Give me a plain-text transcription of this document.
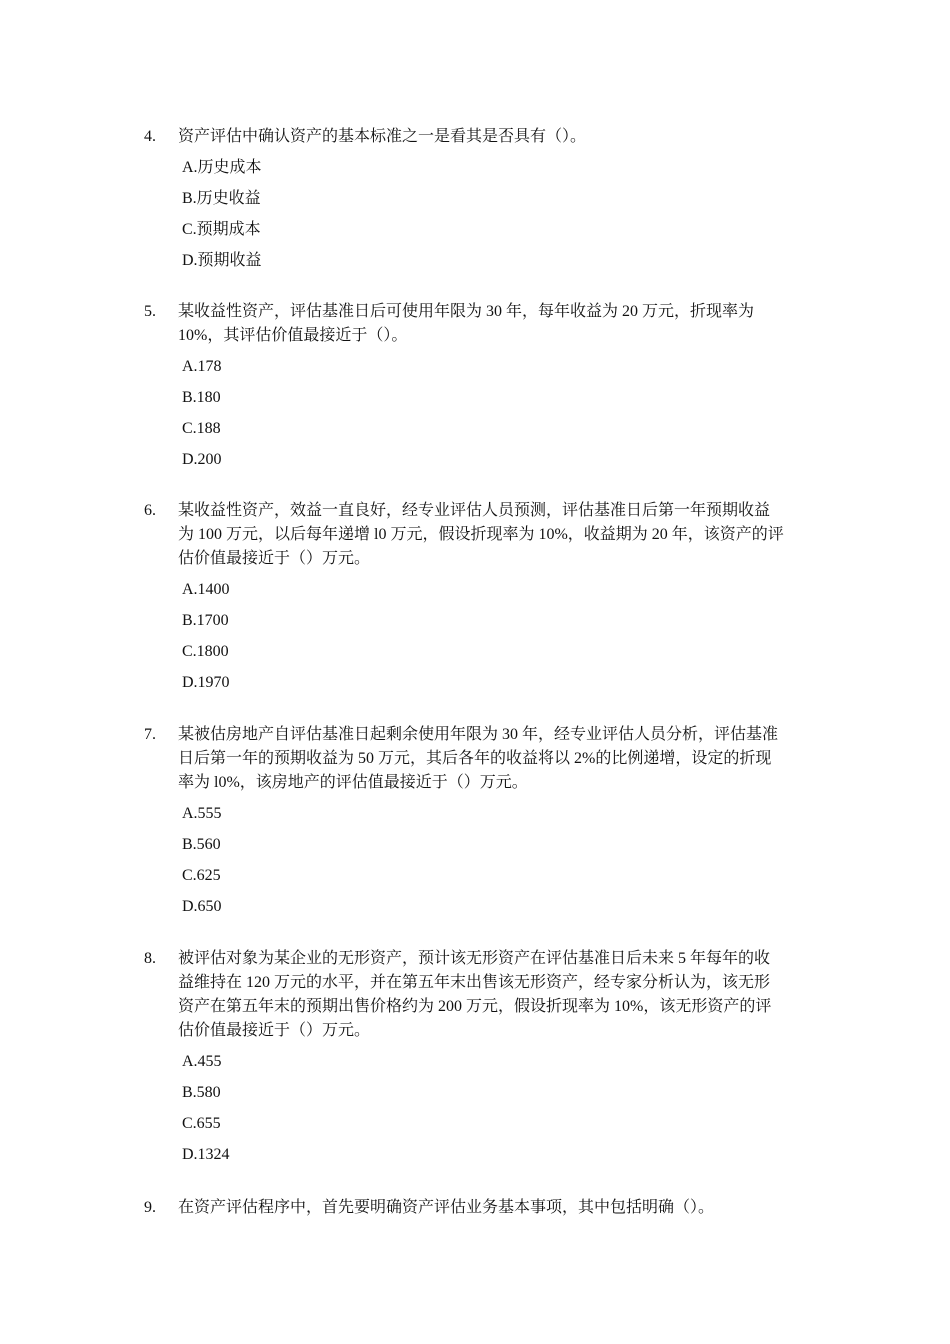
4.	资产评估中确认资产的基本标准之一是看其是否具有（）。
A.历史成本
B.历史收益
C.预期成本
D.预期收益
5.	某收益性资产，评估基准日后可使用年限为 30 年，每年收益为 20 万元，折现率为
10%，其评估价值最接近于（）。
A.178
B.180
C.188
D.200
6.	某收益性资产，效益一直良好，经专业评估人员预测，评估基准日后第一年预期收益
为 100 万元，以后每年递增 l0 万元，假设折现率为 10%，收益期为 20 年，该资产的评
估价值最接近于（）万元。
A.1400
B.1700
C.1800
D.1970
7.	某被估房地产自评估基准日起剩余使用年限为 30 年，经专业评估人员分析，评估基准
日后第一年的预期收益为 50 万元，其后各年的收益将以 2%的比例递增，设定的折现
率为 l0%，该房地产的评估值最接近于（）万元。
A.555
B.560
C.625
D.650
8.	被评估对象为某企业的无形资产，预计该无形资产在评估基准日后未来 5 年每年的收
益维持在 120 万元的水平，并在第五年末出售该无形资产，经专家分析认为，该无形
资产在第五年末的预期出售价格约为 200 万元，假设折现率为 10%，该无形资产的评
估价值最接近于（）万元。
A.455
B.580
C.655
D.1324
9.	在资产评估程序中，首先要明确资产评估业务基本事项，其中包括明确（）。
